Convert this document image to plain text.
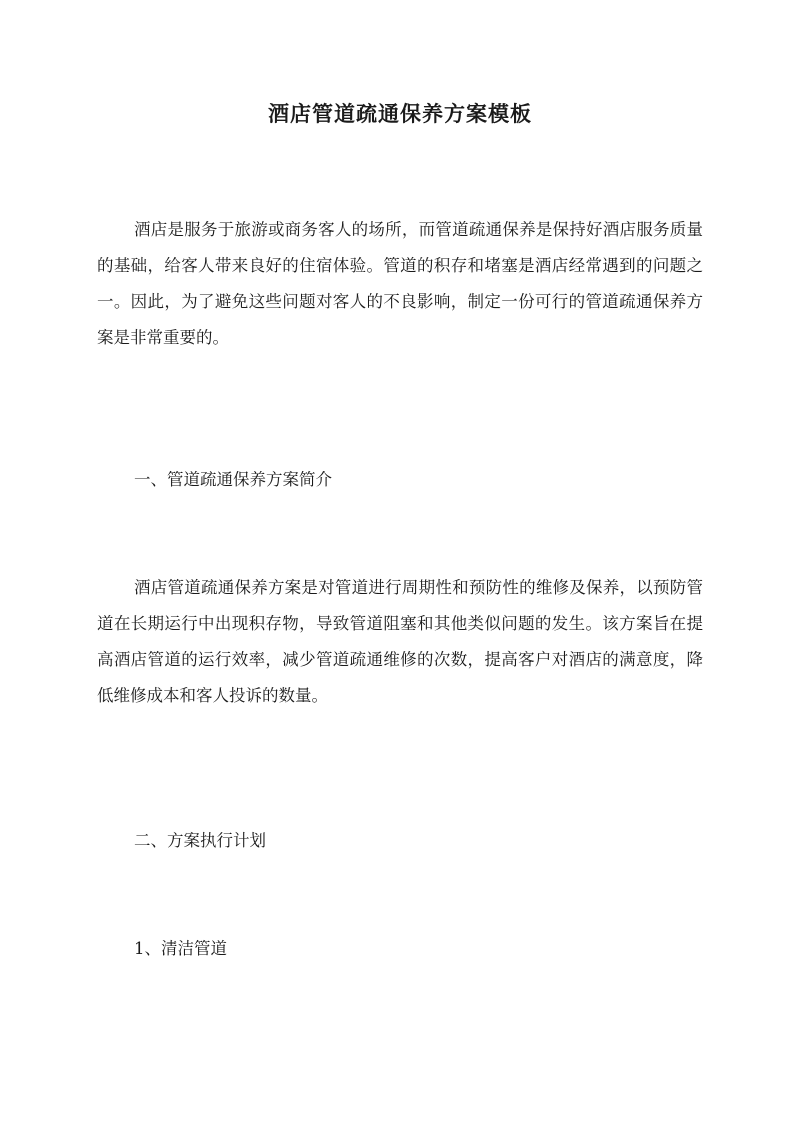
酒店管道疏通保养方案模板

酒店是服务于旅游或商务客人的场所，而管道疏通保养是保持好酒店服务质量的基础，给客人带来良好的住宿体验。管道的积存和堵塞是酒店经常遇到的问题之一。因此，为了避免这些问题对客人的不良影响，制定一份可行的管道疏通保养方案是非常重要的。

一、管道疏通保养方案简介

酒店管道疏通保养方案是对管道进行周期性和预防性的维修及保养，以预防管道在长期运行中出现积存物，导致管道阻塞和其他类似问题的发生。该方案旨在提高酒店管道的运行效率，减少管道疏通维修的次数，提高客户对酒店的满意度，降低维修成本和客人投诉的数量。

二、方案执行计划

1、清洁管道
